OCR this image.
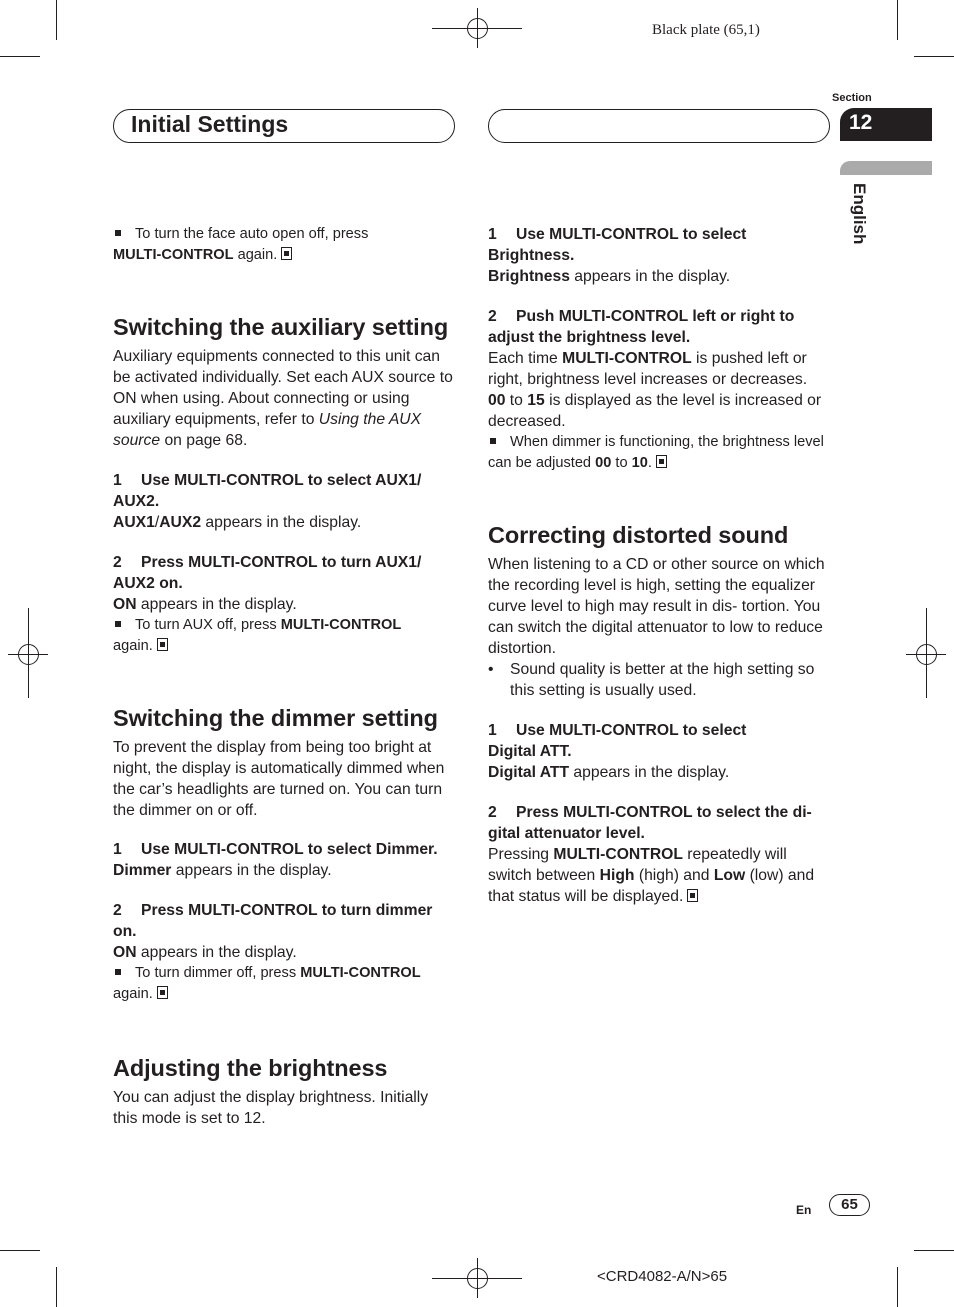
Black plate (65,1)
Initial Settings
Section
12
English

To turn the face auto open off, press
MULTI-CONTROL again.

Switching the auxiliary setting

Auxiliary equipments connected to this unit can be activated individually. Set each AUX source to ON when using. About connecting or using auxiliary equipments, refer to Using the AUX source on page 68.

1 Use MULTI-CONTROL to select AUX1/ AUX2.

AUX1/AUX2 appears in the display.

2 Press MULTI-CONTROL to turn AUX1/ AUX2 on.

ON appears in the display.

To turn AUX off, press MULTI-CONTROL
again.

Switching the dimmer setting

To prevent the display from being too bright at night, the display is automatically dimmed when the car’s headlights are turned on. You can turn the dimmer on or off.

1 Use MULTI-CONTROL to select Dimmer.

Dimmer appears in the display.

2 Press MULTI-CONTROL to turn dimmer on.

ON appears in the display.

To turn dimmer off, press MULTI-CONTROL
again.

Adjusting the brightness

You can adjust the display brightness. Initially this mode is set to 12.

1 Use MULTI-CONTROL to select Brightness.

Brightness appears in the display.

2 Push MULTI-CONTROL left or right to adjust the brightness level.

Each time MULTI-CONTROL is pushed left or right, brightness level increases or decreases.
00 to 15 is displayed as the level is increased or decreased.

When dimmer is functioning, the brightness level can be adjusted 00 to 10.

Correcting distorted sound

When listening to a CD or other source on which the recording level is high, setting the equalizer curve level to high may result in dis- tortion. You can switch the digital attenuator to low to reduce distortion.

•	Sound quality is better at the high setting so this setting is usually used.

1 Use MULTI-CONTROL to select
Digital ATT.

Digital ATT appears in the display.

2 Press MULTI-CONTROL to select the di- gital attenuator level.

Pressing MULTI-CONTROL repeatedly will switch between High (high) and Low (low) and that status will be displayed.

En	65
<CRD4082-A/N>65
